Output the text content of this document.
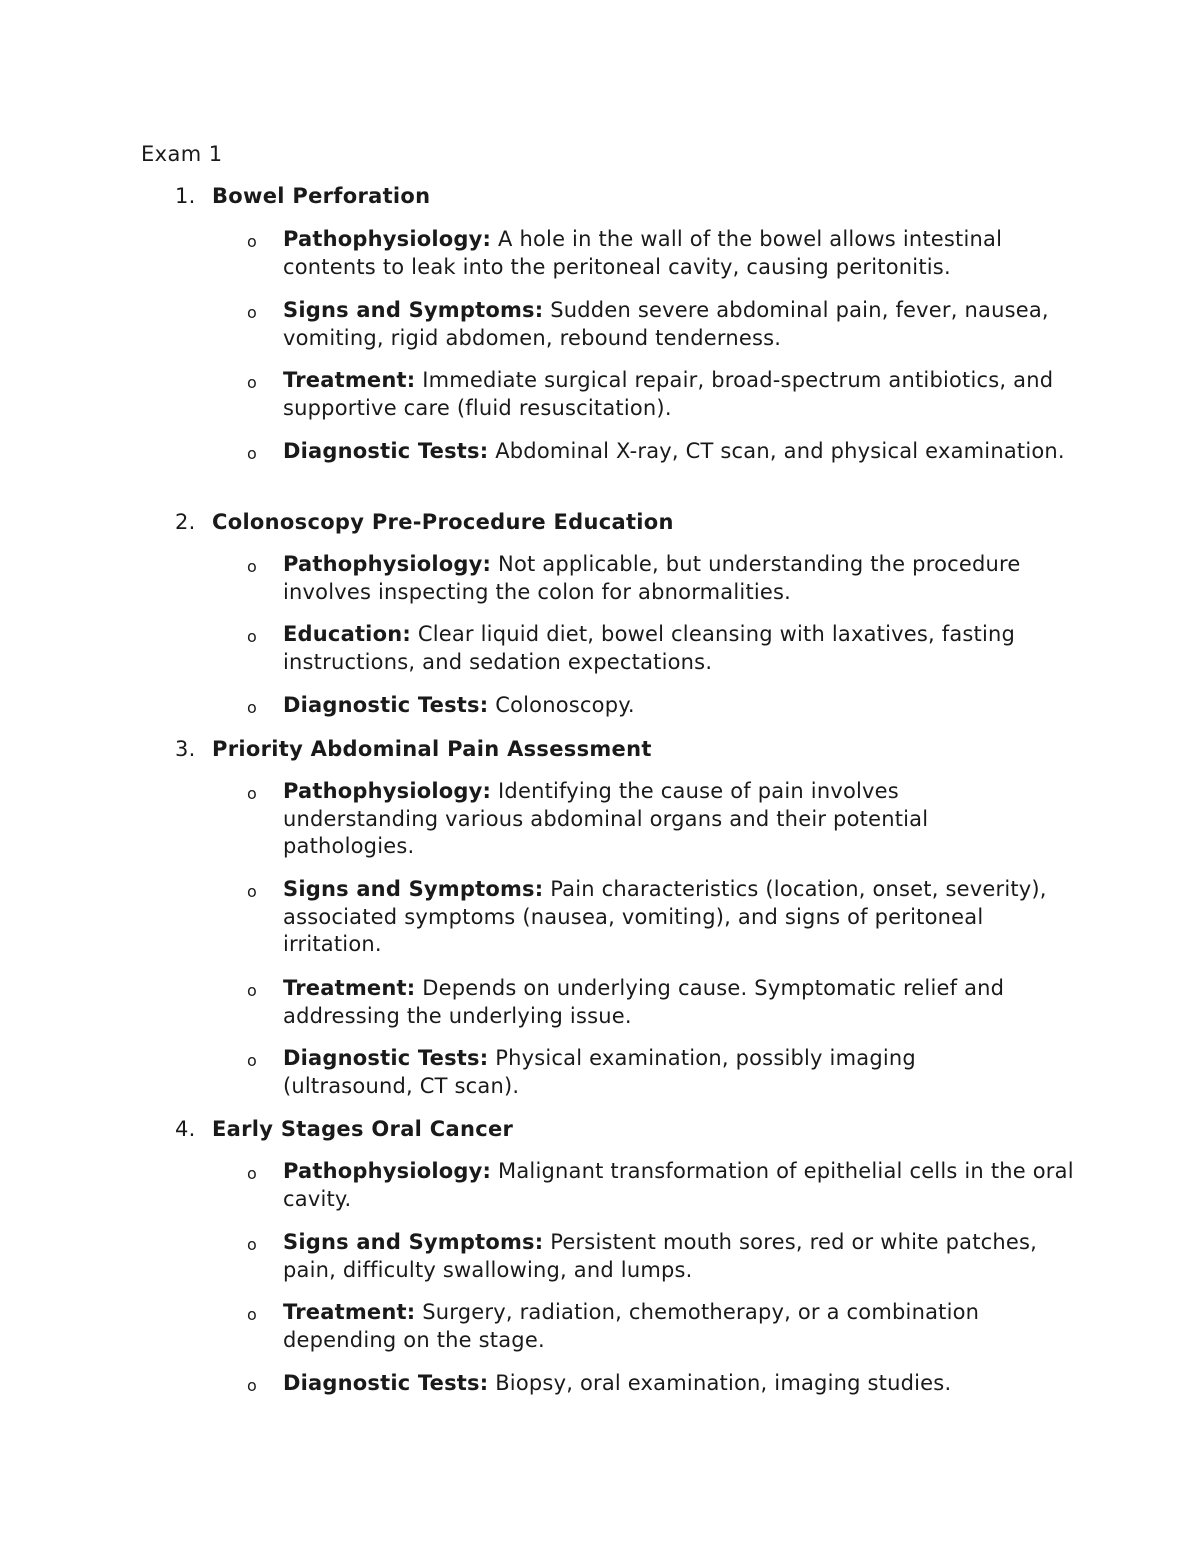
Exam 1
1. Bowel Perforation
o Pathophysiology: A hole in the wall of the bowel allows intestinal contents to leak into the peritoneal cavity, causing peritonitis.
o Signs and Symptoms: Sudden severe abdominal pain, fever, nausea, vomiting, rigid abdomen, rebound tenderness.
o Treatment: Immediate surgical repair, broad-spectrum antibiotics, and supportive care (fluid resuscitation).
o Diagnostic Tests: Abdominal X-ray, CT scan, and physical examination.
2. Colonoscopy Pre-Procedure Education
o Pathophysiology: Not applicable, but understanding the procedure involves inspecting the colon for abnormalities.
o Education: Clear liquid diet, bowel cleansing with laxatives, fasting instructions, and sedation expectations.
o Diagnostic Tests: Colonoscopy.
3. Priority Abdominal Pain Assessment
o Pathophysiology: Identifying the cause of pain involves understanding various abdominal organs and their potential pathologies.
o Signs and Symptoms: Pain characteristics (location, onset, severity), associated symptoms (nausea, vomiting), and signs of peritoneal irritation.
o Treatment: Depends on underlying cause. Symptomatic relief and addressing the underlying issue.
o Diagnostic Tests: Physical examination, possibly imaging (ultrasound, CT scan).
4. Early Stages Oral Cancer
o Pathophysiology: Malignant transformation of epithelial cells in the oral cavity.
o Signs and Symptoms: Persistent mouth sores, red or white patches, pain, difficulty swallowing, and lumps.
o Treatment: Surgery, radiation, chemotherapy, or a combination depending on the stage.
o Diagnostic Tests: Biopsy, oral examination, imaging studies.
